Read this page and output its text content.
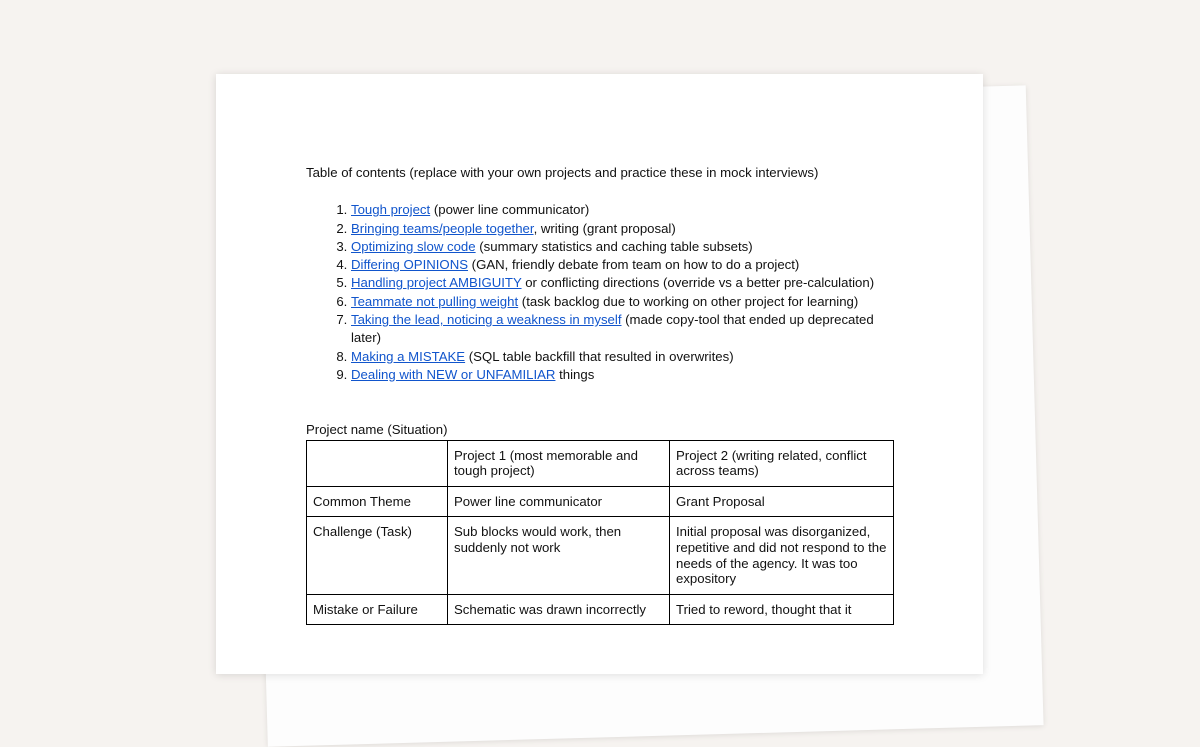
Table of contents (replace with your own projects and practice these in mock interviews)

1. Tough project (power line communicator)
2. Bringing teams/people together, writing (grant proposal)
3. Optimizing slow code (summary statistics and caching table subsets)
4. Differing OPINIONS (GAN, friendly debate from team on how to do a project)
5. Handling project AMBIGUITY or conflicting directions (override vs a better pre-calculation)
6. Teammate not pulling weight (task backlog due to working on other project for learning)
7. Taking the lead, noticing a weakness in myself (made copy-tool that ended up deprecated later)
8. Making a MISTAKE (SQL table backfill that resulted in overwrites)
9. Dealing with NEW or UNFAMILIAR things

Project name (Situation)

	Project 1 (most memorable and tough project)	Project 2 (writing related, conflict across teams)
Common Theme	Power line communicator	Grant Proposal
Challenge (Task)	Sub blocks would work, then suddenly not work	Initial proposal was disorganized, repetitive and did not respond to the needs of the agency. It was too expository
Mistake or Failure	Schematic was drawn incorrectly	Tried to reword, thought that it
